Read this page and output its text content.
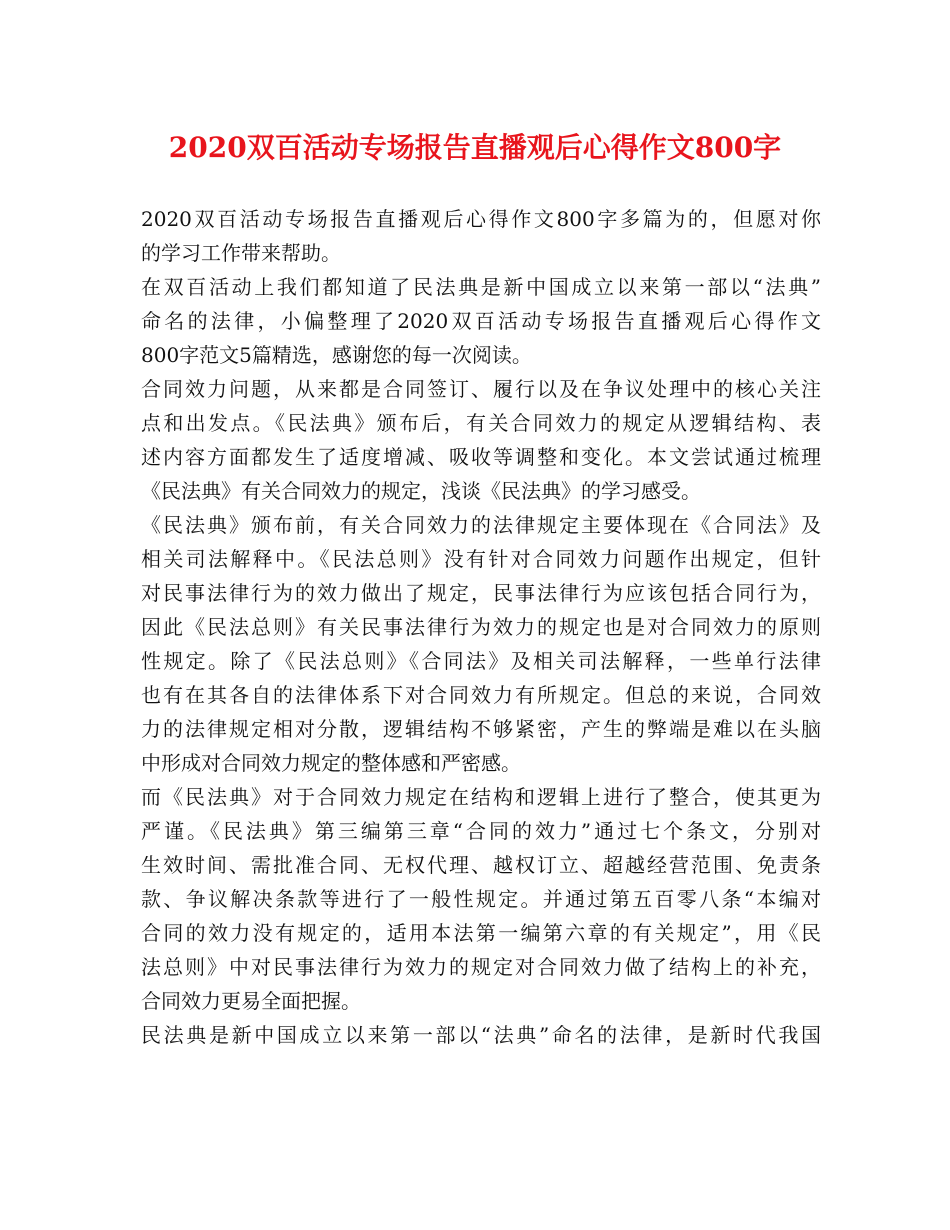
2020双百活动专场报告直播观后心得作文800字
2020双百活动专场报告直播观后心得作文800字多篇为的，但愿对你
的学习工作带来帮助。
在双百活动上我们都知道了民法典是新中国成立以来第一部以“法典”
命名的法律，小偏整理了2020双百活动专场报告直播观后心得作文
800字范文5篇精选，感谢您的每一次阅读。
合同效力问题，从来都是合同签订、履行以及在争议处理中的核心关注
点和出发点。《民法典》颁布后，有关合同效力的规定从逻辑结构、表
述内容方面都发生了适度增减、吸收等调整和变化。本文尝试通过梳理
《民法典》有关合同效力的规定，浅谈《民法典》的学习感受。
《民法典》颁布前，有关合同效力的法律规定主要体现在《合同法》及
相关司法解释中。《民法总则》没有针对合同效力问题作出规定，但针
对民事法律行为的效力做出了规定，民事法律行为应该包括合同行为，
因此《民法总则》有关民事法律行为效力的规定也是对合同效力的原则
性规定。除了《民法总则》《合同法》及相关司法解释，一些单行法律
也有在其各自的法律体系下对合同效力有所规定。但总的来说，合同效
力的法律规定相对分散，逻辑结构不够紧密，产生的弊端是难以在头脑
中形成对合同效力规定的整体感和严密感。
而《民法典》对于合同效力规定在结构和逻辑上进行了整合，使其更为
严谨。《民法典》第三编第三章“合同的效力”通过七个条文，分别对
生效时间、需批准合同、无权代理、越权订立、超越经营范围、免责条
款、争议解决条款等进行了一般性规定。并通过第五百零八条“本编对
合同的效力没有规定的，适用本法第一编第六章的有关规定”，用《民
法总则》中对民事法律行为效力的规定对合同效力做了结构上的补充，
合同效力更易全面把握。
民法典是新中国成立以来第一部以“法典”命名的法律，是新时代我国
